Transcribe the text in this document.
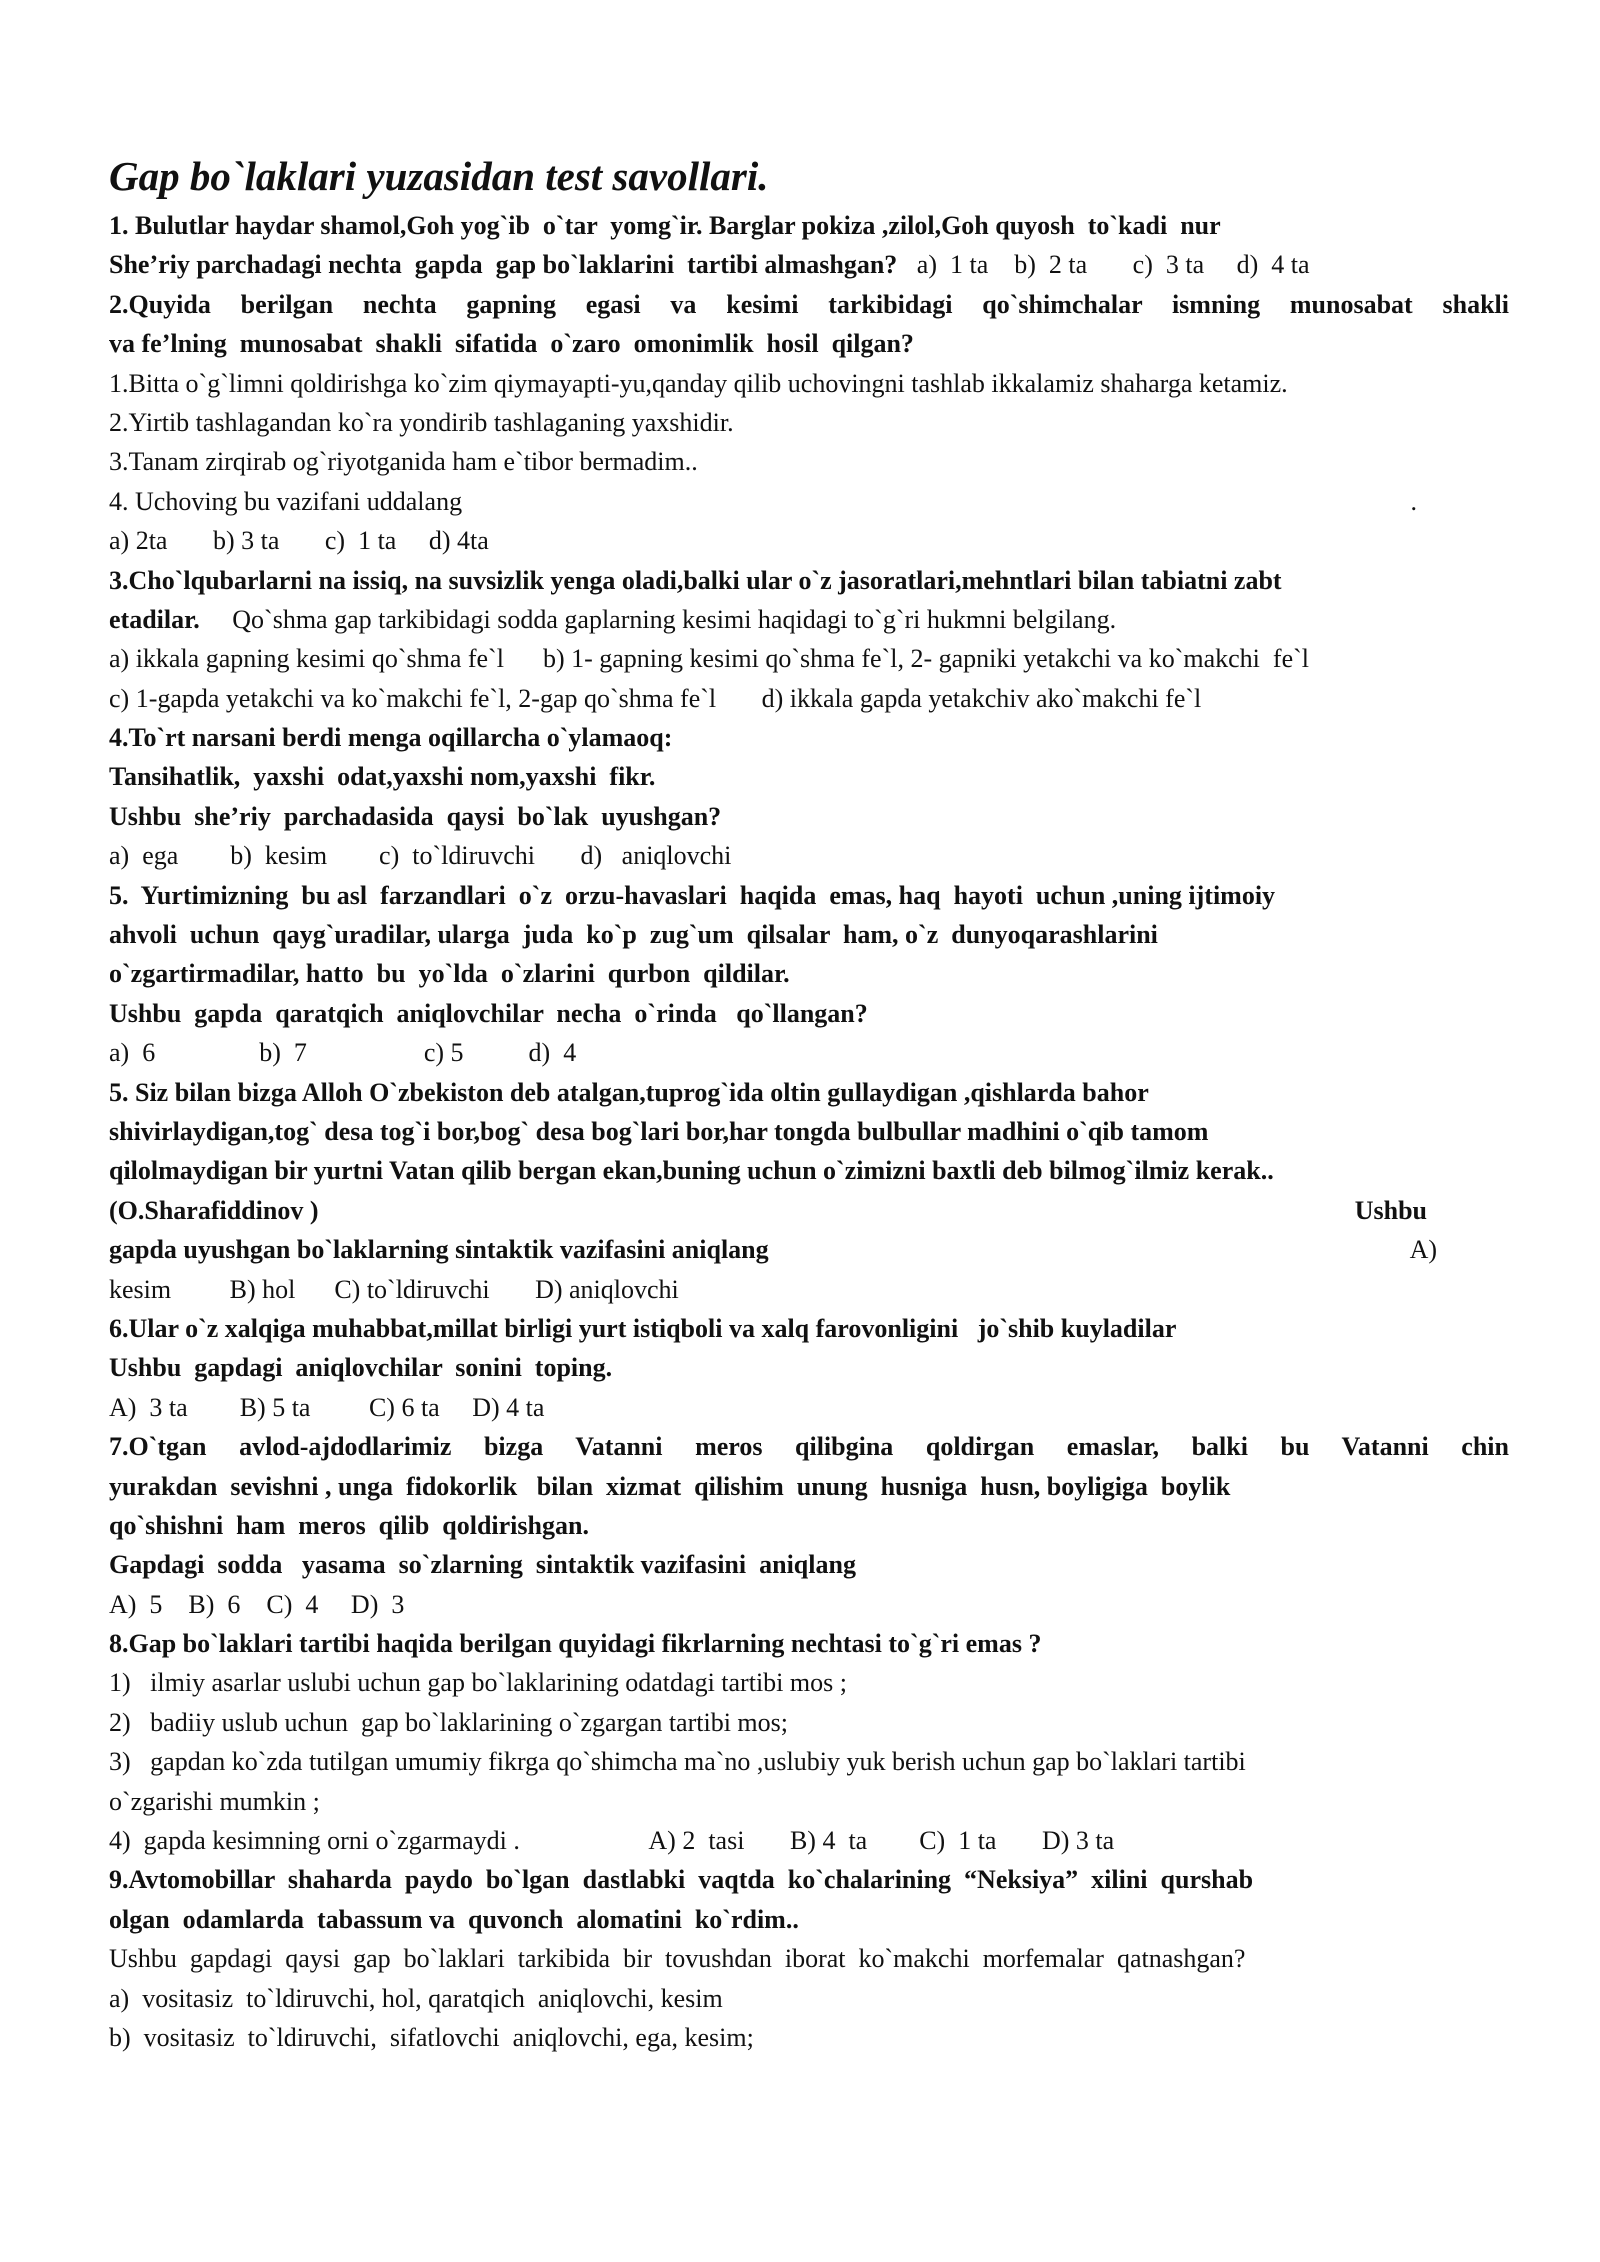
Gap bo`laklari yuzasidan test savollari.
1. Bulutlar haydar shamol,Goh yog`ib  o`tar  yomg`ir. Barglar pokiza ,zilol,Goh quyosh  to`kadi  nur
She’riy parchadagi nechta  gapda  gap bo`laklarini  tartibi almashgan?   a)  1 ta    b)  2 ta       c)  3 ta     d)  4 ta
2.Quyida berilgan nechta gapning egasi va kesimi tarkibidagi qo`shimchalar ismning munosabat shakli
va fe’lning  munosabat  shakli  sifatida  o`zaro  omonimlik  hosil  qilgan?
1.Bitta o`g`limni qoldirishga ko`zim qiymayapti-yu,qanday qilib uchovingni tashlab ikkalamiz shaharga ketamiz.
2.Yirtib tashlagandan ko`ra yondirib tashlaganing yaxshidir.
3.Tanam zirqirab og`riyotganida ham e`tibor bermadim..
4. Uchoving bu vazifani uddalang	.
a) 2ta       b) 3 ta       c)  1 ta     d) 4ta
3.Cho`lqubarlarni na issiq, na suvsizlik yenga oladi,balki ular o`z jasoratlari,mehntlari bilan tabiatni zabt
etadilar.     Qo`shma gap tarkibidagi sodda gaplarning kesimi haqidagi to`g`ri hukmni belgilang.
a) ikkala gapning kesimi qo`shma fe`l      b) 1- gapning kesimi qo`shma fe`l, 2- gapniki yetakchi va ko`makchi  fe`l
c) 1-gapda yetakchi va ko`makchi fe`l, 2-gap qo`shma fe`l       d) ikkala gapda yetakchiv ako`makchi fe`l
4.To`rt narsani berdi menga oqillarcha o`ylamaoq:
Tansihatlik,  yaxshi  odat,yaxshi nom,yaxshi  fikr.
Ushbu  she’riy  parchadasida  qaysi  bo`lak  uyushgan?
a)  ega        b)  kesim        c)  to`ldiruvchi       d)   aniqlovchi
5.  Yurtimizning  bu asl  farzandlari  o`z  orzu-havaslari  haqida  emas, haq  hayoti  uchun ,uning ijtimoiy
ahvoli  uchun  qayg`uradilar, ularga  juda  ko`p  zug`um  qilsalar  ham, o`z  dunyoqarashlarini
o`zgartirmadilar, hatto  bu  yo`lda  o`zlarini  qurbon  qildilar.
Ushbu  gapda  qaratqich  aniqlovchilar  necha  o`rinda   qo`llangan?
a)  6                b)  7                  c) 5          d)  4
5. Siz bilan bizga Alloh O`zbekiston deb atalgan,tuprog`ida oltin gullaydigan ,qishlarda bahor
shivirlaydigan,tog` desa tog`i bor,bog` desa bog`lari bor,har tongda bulbullar madhini o`qib tamom
qilolmaydigan bir yurtni Vatan qilib bergan ekan,buning uchun o`zimizni baxtli deb bilmog`ilmiz kerak..
(O.Sharafiddinov )	Ushbu
gapda uyushgan bo`laklarning sintaktik vazifasini aniqlang	A)
kesim         B) hol      C) to`ldiruvchi       D) aniqlovchi
6.Ular o`z xalqiga muhabbat,millat birligi yurt istiqboli va xalq farovonligini   jo`shib kuyladilar
Ushbu  gapdagi  aniqlovchilar  sonini  toping.
A)  3 ta        B) 5 ta         C) 6 ta     D) 4 ta
7.O`tgan avlod-ajdodlarimiz bizga Vatanni meros qilibgina qoldirgan emaslar, balki bu Vatanni chin
yurakdan  sevishni , unga  fidokorlik   bilan  xizmat  qilishim  unung  husniga  husn, boyligiga  boylik
qo`shishni  ham  meros  qilib  qoldirishgan.
Gapdagi  sodda   yasama  so`zlarning  sintaktik vazifasini  aniqlang
A)  5    B)  6    C)  4     D)  3
8.Gap bo`laklari tartibi haqida berilgan quyidagi fikrlarning nechtasi to`g`ri emas ?
1)   ilmiy asarlar uslubi uchun gap bo`laklarining odatdagi tartibi mos ;
2)   badiiy uslub uchun  gap bo`laklarining o`zgargan tartibi mos;
3)   gapdan ko`zda tutilgan umumiy fikrga qo`shimcha ma`no ,uslubiy yuk berish uchun gap bo`laklari tartibi
o`zgarishi mumkin ;
4)  gapda kesimning orni o`zgarmaydi .                    A) 2  tasi       B) 4  ta        C)  1 ta       D) 3 ta
9.Avtomobillar  shaharda  paydo  bo`lgan  dastlabki  vaqtda  ko`chalarining  “Neksiya”  xilini  qurshab
olgan  odamlarda  tabassum va  quvonch  alomatini  ko`rdim..
Ushbu  gapdagi  qaysi  gap  bo`laklari  tarkibida  bir  tovushdan  iborat  ko`makchi  morfemalar  qatnashgan?
a)  vositasiz  to`ldiruvchi, hol, qaratqich  aniqlovchi, kesim
b)  vositasiz  to`ldiruvchi,  sifatlovchi  aniqlovchi, ega, kesim;
